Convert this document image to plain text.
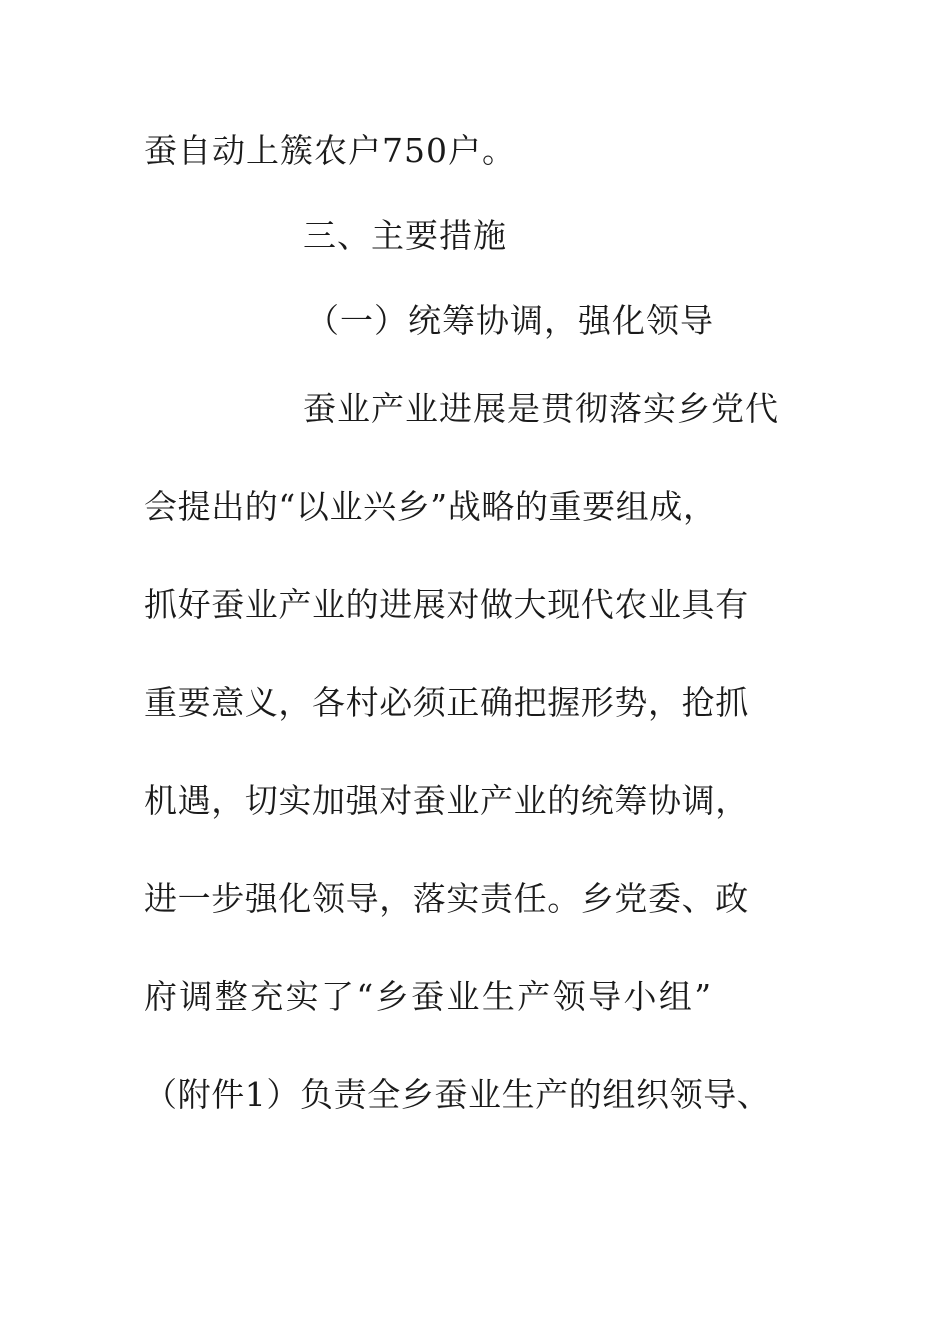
蚕自动上簇农户750户。
三、主要措施
（一）统筹协调，强化领导
蚕业产业进展是贯彻落实乡党代
会提出的“以业兴乡”战略的重要组成，
抓好蚕业产业的进展对做大现代农业具有
重要意义，各村必须正确把握形势，抢抓
机遇，切实加强对蚕业产业的统筹协调，
进一步强化领导，落实责任。乡党委、政
府调整充实了“乡蚕业生产领导小组”
（附件1）负责全乡蚕业生产的组织领导、
